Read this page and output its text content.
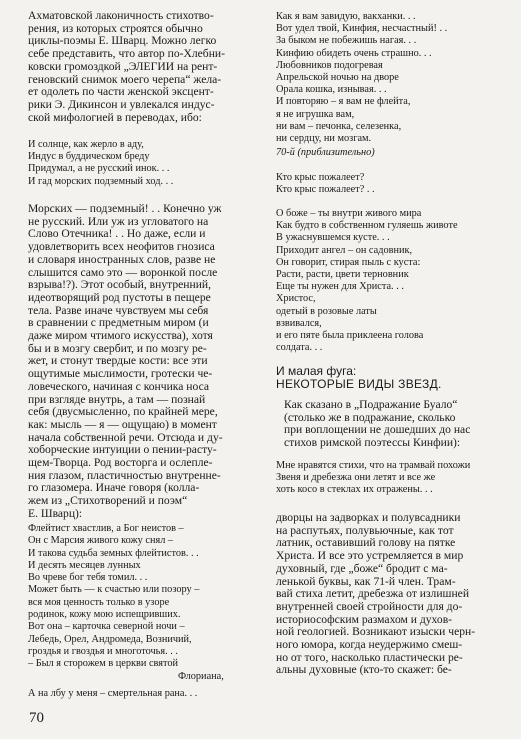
Ахматовской лаконичность стихотво-
рения, из которых строятся обычно
циклы-поэмы Е. Шварц. Можно легко
себе представить, что автор по-Хлебни-
ковски громоздкой „ЭЛЕГИИ на рент-
геновский снимок моего черепа“ жела-
ет одолеть по части женской эксцент-
рики Э. Дикинсон и увлекался индус-
ской мифологией в переводах, ибо:
И солнце, как жерло в аду,
Индус в буддическом бреду
Придумал, а не русский инок. . .
И гад морских подземный ход. . .
Морских — подземный! . . Конечно уж
не русский. Или уж из угловатого на
Слово Отечника! . . Но даже, если и
удовлетворить всех неофитов гнозиса
и словаря иностранных слов, разве не
слышится само это — воронкой после
взрыва!?). Этот особый, внутренний,
идеотворящий род пустоты в пещере
тела. Разве иначе чувствуем мы себя
в сравнении с предметным миром (и
даже миром чтимого искусства), хотя
бы и в мозгу свербит, и по мозгу ре-
жет, и стонут твердые кости: все эти
ощутимые мыслимости, гротески че-
ловеческого, начиная с кончика носа
при взгляде внутрь, а там — познай
себя (двусмысленно, по крайней мере,
как: мысль — я — ощущаю) в момент
начала собственной речи. Отсюда и ду-
хоборческие интуиции о пении-расту-
щем-Творца. Род восторга и ослепле-
ния глазом, пластичностью внутренне-
го глазомера. Иначе говоря (колла-
жем из „Стихотворений и поэм“
Е. Шварц):
Флейтист хвастлив, а Бог неистов –
Он с Марсия живого кожу снял –
И такова судьба земных флейтистов. . .
И десять месяцев лунных
Во чреве бог тебя томил. . .
Может быть — к счастью или позору –
вся моя ценность только в узоре
родинок, кожу мою испещрившиx.
Вот она – карточка северной ночи –
Лебедь, Орел, Андромеда, Возничий,
гроздья и гвоздья и многоточья. . .
– Был я сторожем в церкви святой
Флориана,
А на лбу у меня – смертельная рана. . .
Как я вам завидую, вакханки. . .
Вот удел твой, Кинфия, несчастный! . .
За быком не побежишь нагая. . .
Кинфию обидеть очень страшно. . .
Любовников подогревая
Апрельской ночью на дворе
Орала кошка, изнывая. . .
И повторяю – я вам не флейта,
я не игрушка вам,
ни вам – печонка, селезенка,
ни сердцу, ни мозгам.
70-й (приблизительно)
Кто крыс пожалеет?
Кто крыс пожалеет? . .
О боже – ты внутри живого мира
Как будто в собственном гуляешь животе
В ужаснувшемся кусте. . .
Приходит ангел – он садовник,
Он говорит, стирая пыль с куста:
Расти, расти, цвети терновник
Еще ты нужен для Христа. . .
Христос,
одетый в розовые латы
взвивался,
и его пяте была приклеена голова
солдата. . .
И малая фуга:
НЕКОТОРЫЕ ВИДЫ ЗВЕЗД.
Как сказано в „Подражание Буало“
(столько же в подражание, сколько
при воплощении не дошедших до нас
стихов римской поэтессы Кинфии):
Мне нравятся стихи, что на трамвай похожи
Звеня и дребезжа они летят и все же
хоть косо в стеклах их отражены. . .
дворцы на задворках и полувсадники
на распутьях, полувьючные, как тот
латник, оставивший голову на пятке
Христа. И все это устремляется в мир
духовный, где „боже“ бродит с ма-
ленькой буквы, как 71-й член. Трам-
вай стиха летит, дребезжа от излишней
внутренней своей стройности для до-
историософским размахом и духов-
ной геологией. Возникают изыски черн-
ного юмора, когда неудержимо смеш-
но от того, насколько пластически ре-
альны духовные (кто-то скажет: бе-
70
